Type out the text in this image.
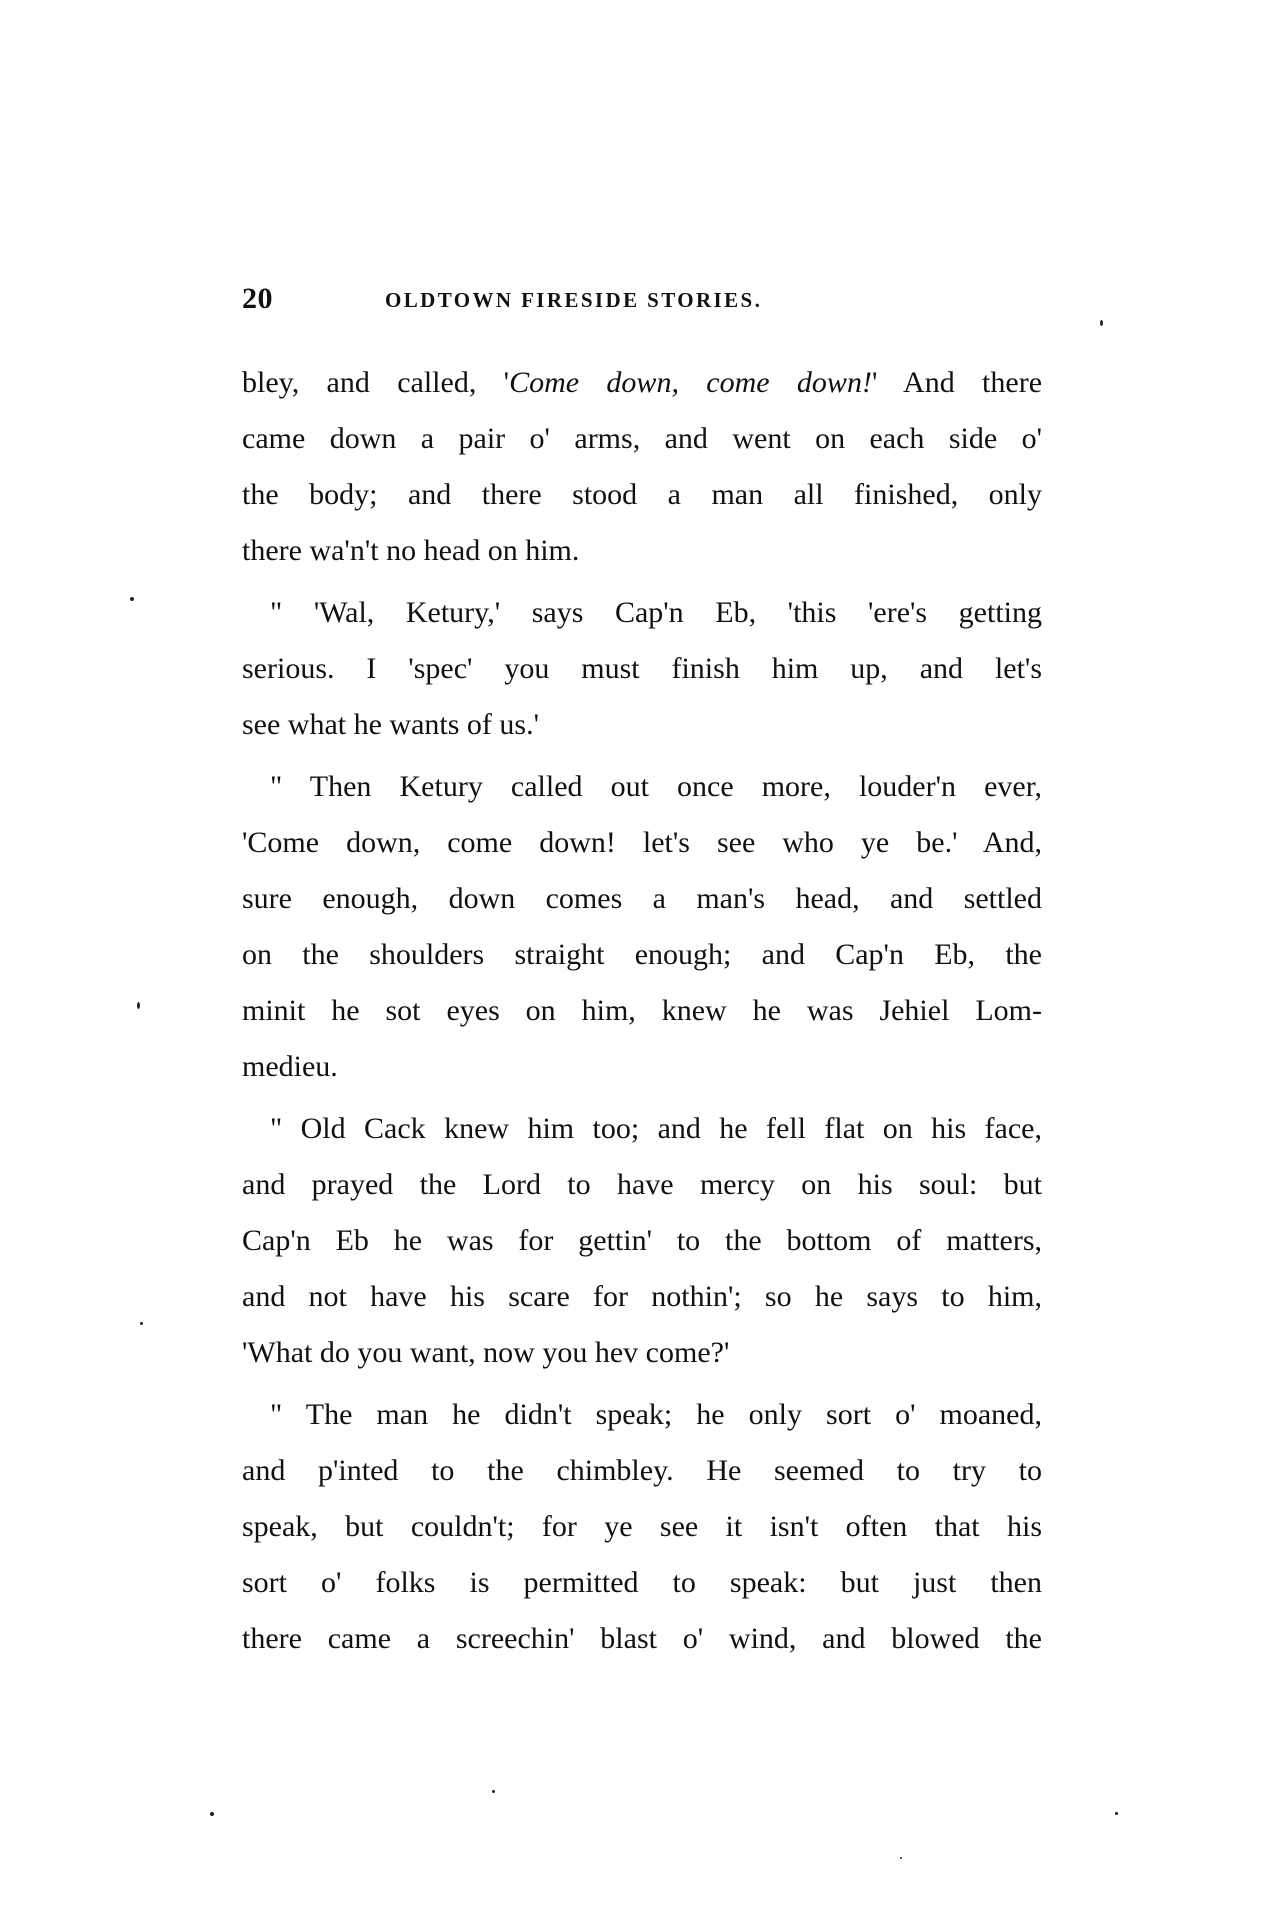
20	OLDTOWN FIRESIDE STORIES.
bley, and called, 'Come down, come down!' And there
came down a pair o' arms, and went on each side o'
the body; and there stood a man all finished, only
there wa'n't no head on him.
" 'Wal, Ketury,' says Cap'n Eb, 'this 'ere's getting
serious. I 'spec' you must finish him up, and let's
see what he wants of us.'
" Then Ketury called out once more, louder'n ever,
'Come down, come down! let's see who ye be.' And,
sure enough, down comes a man's head, and settled
on the shoulders straight enough; and Cap'n Eb, the
minit he sot eyes on him, knew he was Jehiel Lom-
medieu.
" Old Cack knew him too; and he fell flat on his face,
and prayed the Lord to have mercy on his soul: but
Cap'n Eb he was for gettin' to the bottom of matters,
and not have his scare for nothin'; so he says to him,
'What do you want, now you hev come?'
" The man he didn't speak; he only sort o' moaned,
and p'inted to the chimbley. He seemed to try to
speak, but couldn't; for ye see it isn't often that his
sort o' folks is permitted to speak: but just then
there came a screechin' blast o' wind, and blowed the
